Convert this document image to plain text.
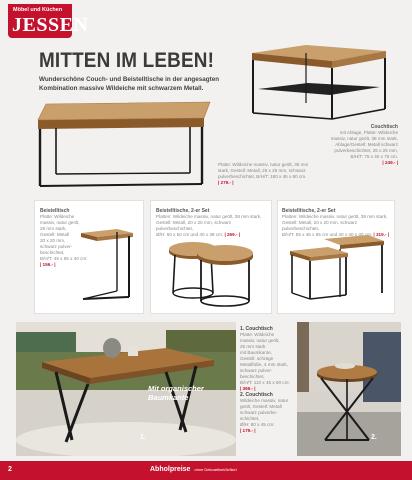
Möbel und Küchen
JESSEN
MITTEN IM LEBEN!
Wunderschöne Couch- und Beistelltische in der angesagten Kombination massive Wildeiche mit schwarzem Metall.
Couchtisch
mit Ablage, Platte: Wildeiche
massiv, natur geölt, 38 mm stark,
Ablage/Gestell: Metall schwarz
pulverbeschichtet, 25 x 25 mm,
B/H/T: 75 x 40 x 75 cm.
| 249.- |
Platte: Wildeiche massiv, natur geölt, 38 mm
stark, Gestell: Metall, 25 x 25 mm, schwarz
pulverbeschichtet, B/H/T: 180 x 45 x 80 cm.
| 279.- |
Beistelltisch
Platte: Wildeiche
massiv, natur geölt,
28 mm stark,
Gestell: Metall
20 x 20 mm,
schwarz pulver-
beschichtet,
B/H/T: 45 x 65 x 40 cm:
| 159.- |
Beistelltische, 2-er Set
Platten: Wildeiche massiv, natur geölt, 38 mm stark,
Gestell: Metall, 20 x 20 mm, schwarz pulverbeschichtet,
Ø/H: 50 x 50 cm und 40 x 38 cm: | 269.- |
Beistelltische, 2-er Set
Platten: Wildeiche massiv, natur geölt, 38 mm stark,
Gestell: Metall, 20 x 20 mm, schwarz pulverbeschichtet,
B/H/T: 55 x 45 x 55 cm und 40 x 40 x 40 cm: | 319.- |
Mit organischer Baumkante
1.
1. Couchtisch
Platte: Wildeiche
massiv, natur geölt,
25 mm stark
mit Baumkante,
Gestell: schräge
Metallfüße, 4 mm stark,
schwarz pulver-
beschichtet,
B/H/T: 110 x 45 x 60 cm:
| 369.- |
2. Couchtisch
Wildeiche massiv, natur
geölt, Gestell: Metall
schwarz pulverbe-
schichtet,
Ø/H: 80 x 45 cm:
| 179.- |
2.
2	Abholpreise ohne Dekoartikel/Artikel
